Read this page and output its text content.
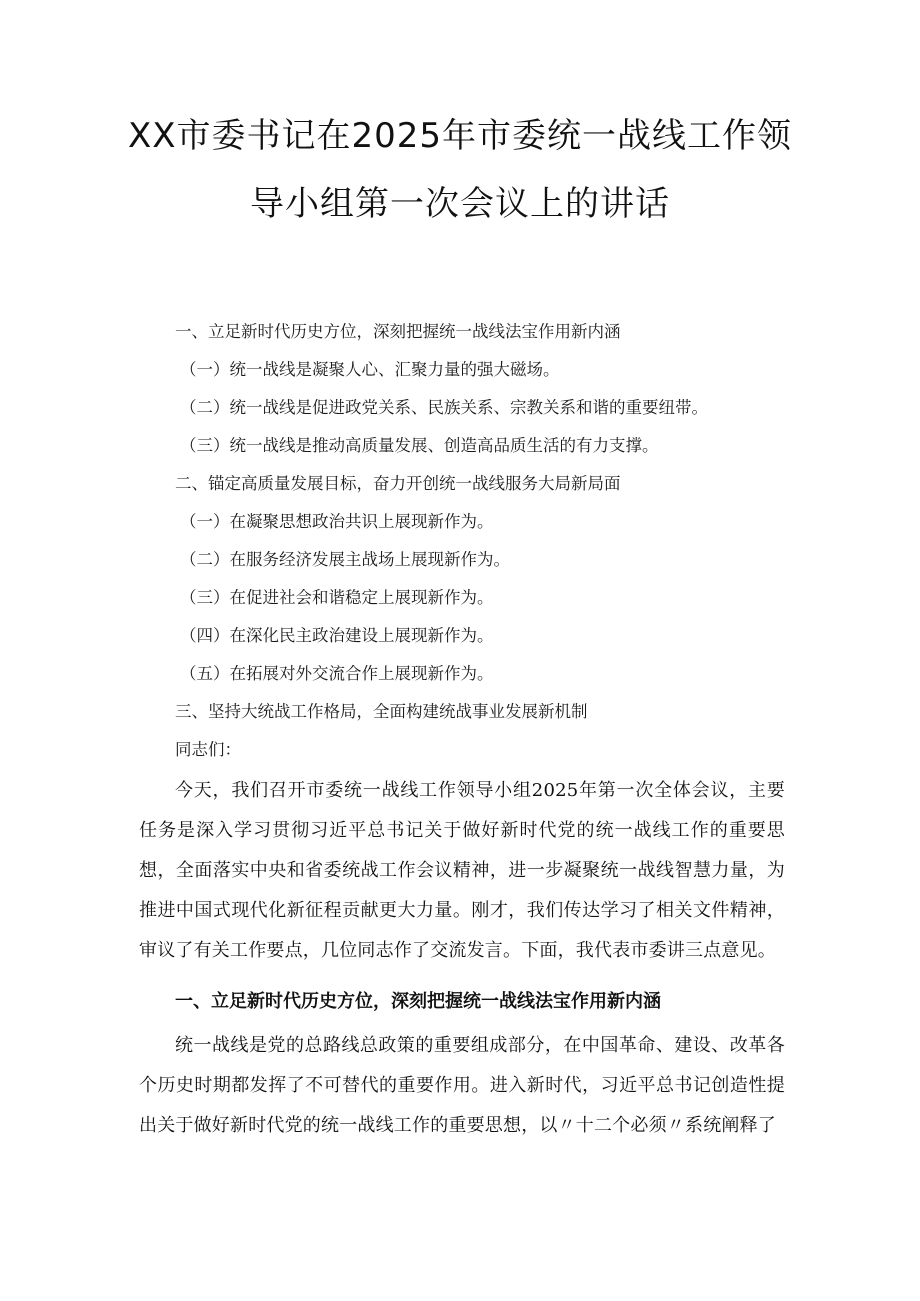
XX市委书记在2025年市委统一战线工作领
导小组第一次会议上的讲话
一、立足新时代历史方位，深刻把握统一战线法宝作用新内涵
（一）统一战线是凝聚人心、汇聚力量的强大磁场。
（二）统一战线是促进政党关系、民族关系、宗教关系和谐的重要纽带。
（三）统一战线是推动高质量发展、创造高品质生活的有力支撑。
二、锚定高质量发展目标，奋力开创统一战线服务大局新局面
（一）在凝聚思想政治共识上展现新作为。
（二）在服务经济发展主战场上展现新作为。
（三）在促进社会和谐稳定上展现新作为。
（四）在深化民主政治建设上展现新作为。
（五）在拓展对外交流合作上展现新作为。
三、坚持大统战工作格局，全面构建统战事业发展新机制
同志们：

今天，我们召开市委统一战线工作领导小组2025年第一次全体会议，主要任务是深入学习贯彻习近平总书记关于做好新时代党的统一战线工作的重要思想，全面落实中央和省委统战工作会议精神，进一步凝聚统一战线智慧力量，为推进中国式现代化新征程贡献更大力量。刚才，我们传达学习了相关文件精神，审议了有关工作要点，几位同志作了交流发言。下面，我代表市委讲三点意见。

一、立足新时代历史方位，深刻把握统一战线法宝作用新内涵

统一战线是党的总路线总政策的重要组成部分，在中国革命、建设、改革各个历史时期都发挥了不可替代的重要作用。进入新时代，习近平总书记创造性提出关于做好新时代党的统一战线工作的重要思想，以〃十二个必须〃系统阐释了
